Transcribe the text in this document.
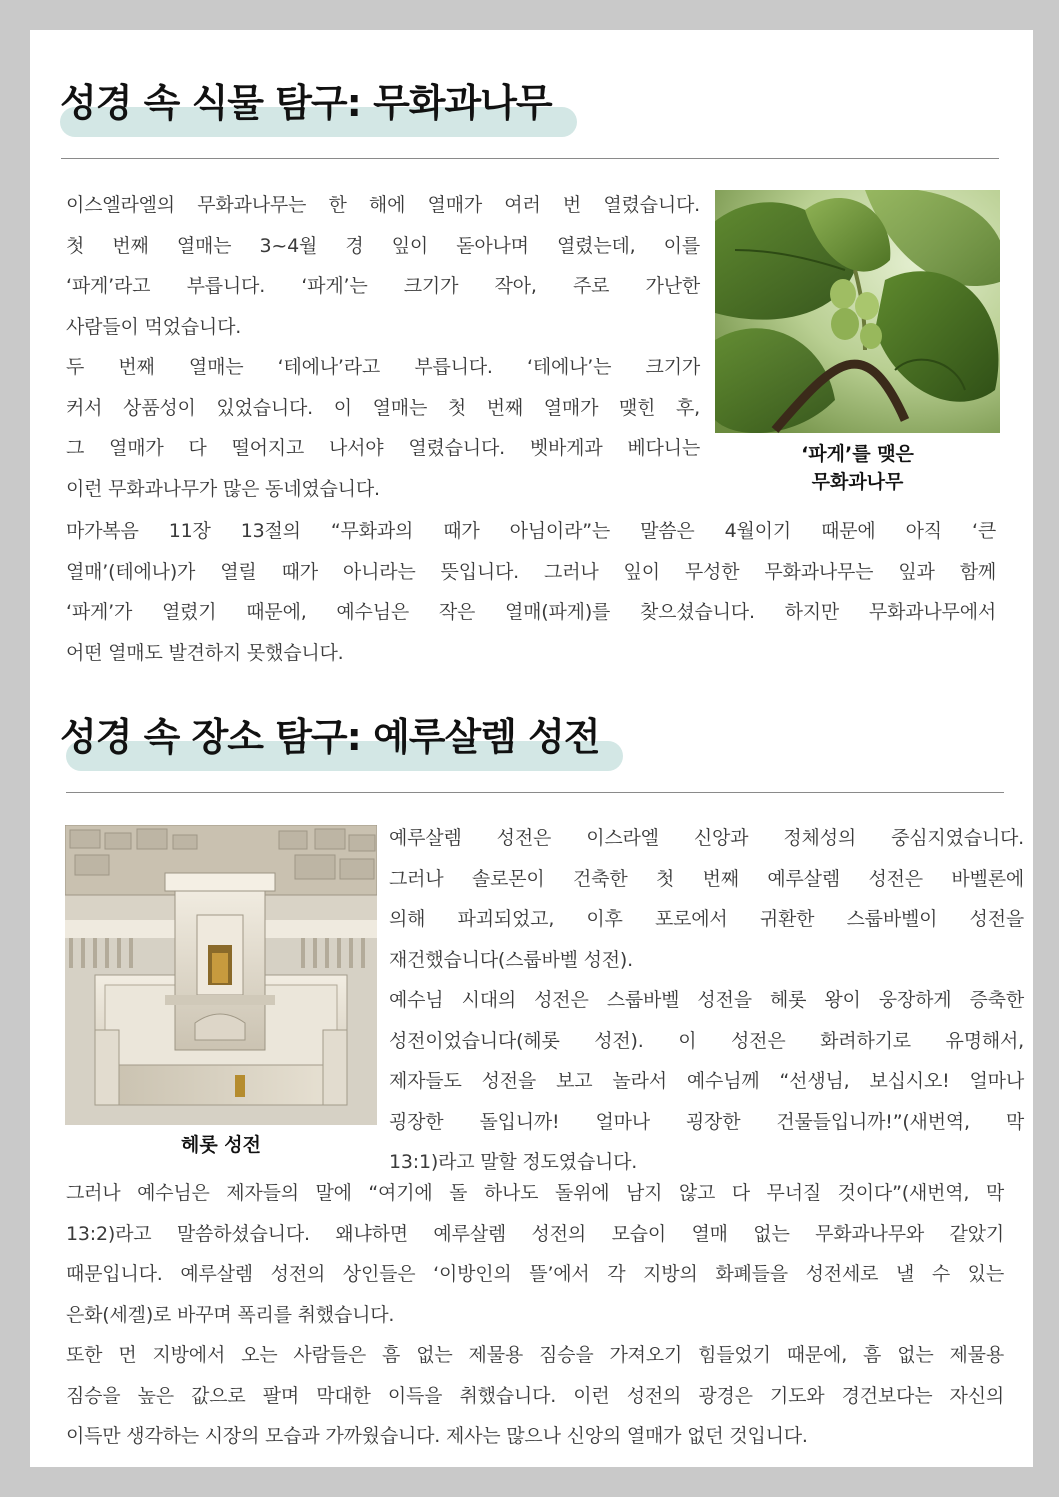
성경 속 식물 탐구: 무화과나무
이스엘라엘의 무화과나무는 한 해에 열매가 여러 번 열렸습니다.
첫 번째 열매는 3~4월 경 잎이 돋아나며 열렸는데, 이를
‘파게’라고 부릅니다. ‘파게’는 크기가 작아, 주로 가난한
사람들이 먹었습니다.
두 번째 열매는 ‘테에나’라고 부릅니다. ‘테에나’는 크기가
커서 상품성이 있었습니다. 이 열매는 첫 번째 열매가 맺힌 후,
그 열매가 다 떨어지고 나서야 열렸습니다. 벳바게과 베다니는
이런 무화과나무가 많은 동네였습니다.
‘파게’를 맺은
무화과나무
마가복음 11장 13절의 “무화과의 때가 아님이라”는 말씀은 4월이기 때문에 아직 ‘큰
열매’(테에나)가 열릴 때가 아니라는 뜻입니다. 그러나 잎이 무성한 무화과나무는 잎과 함께
‘파게’가 열렸기 때문에, 예수님은 작은 열매(파게)를 찾으셨습니다. 하지만 무화과나무에서
어떤 열매도 발견하지 못했습니다.
성경 속 장소 탐구: 예루살렘 성전

헤롯 성전

예루살렘 성전은 이스라엘 신앙과 정체성의 중심지였습니다.
그러나 솔로몬이 건축한 첫 번째 예루살렘 성전은 바벨론에
의해 파괴되었고, 이후 포로에서 귀환한 스룹바벨이 성전을
재건했습니다(스룹바벨 성전).
예수님 시대의 성전은 스룹바벨 성전을 헤롯 왕이 웅장하게 증축한
성전이었습니다(헤롯 성전). 이 성전은 화려하기로 유명해서,
제자들도 성전을 보고 놀라서 예수님께 “선생님, 보십시오! 얼마나
굉장한 돌입니까! 얼마나 굉장한 건물들입니까!”(새번역, 막
13:1)라고 말할 정도였습니다.
그러나 예수님은 제자들의 말에 “여기에 돌 하나도 돌위에 남지 않고 다 무너질 것이다”(새번역, 막
13:2)라고 말씀하셨습니다. 왜냐하면 예루살렘 성전의 모습이 열매 없는 무화과나무와 같았기
때문입니다. 예루살렘 성전의 상인들은 ‘이방인의 뜰’에서 각 지방의 화폐들을 성전세로 낼 수 있는
은화(세겔)로 바꾸며 폭리를 취했습니다.
또한 먼 지방에서 오는 사람들은 흠 없는 제물용 짐승을 가져오기 힘들었기 때문에, 흠 없는 제물용
짐승을 높은 값으로 팔며 막대한 이득을 취했습니다. 이런 성전의 광경은 기도와 경건보다는 자신의
이득만 생각하는 시장의 모습과 가까웠습니다. 제사는 많으나 신앙의 열매가 없던 것입니다.
